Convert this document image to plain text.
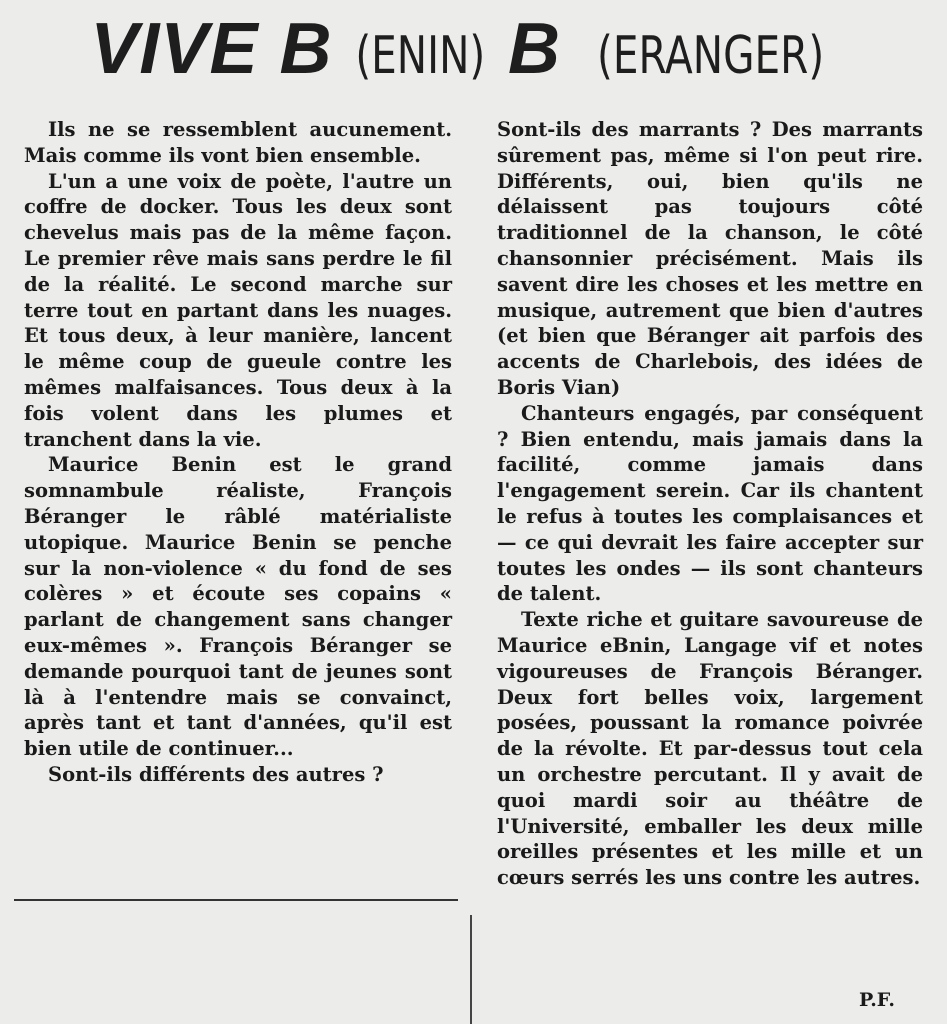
VIVE B (ENIN) B (ERANGER)

Ils ne se ressemblent aucunement. Mais comme ils vont bien ensemble.

L'un a une voix de poète, l'autre un coffre de docker. Tous les deux sont chevelus mais pas de la même façon. Le premier rêve mais sans perdre le fil de la réalité. Le second marche sur terre tout en partant dans les nuages. Et tous deux, à leur manière, lancent le même coup de gueule contre les mêmes malfaisances. Tous deux à la fois volent dans les plumes et tranchent dans la vie.

Maurice Benin est le grand somnambule réaliste, François Béranger le râblé matérialiste utopique. Maurice Benin se penche sur la non-violence « du fond de ses colères » et écoute ses copains « parlant de changement sans changer eux-mêmes ». François Béranger se demande pourquoi tant de jeunes sont là à l'entendre mais se convainct, après tant et tant d'années, qu'il est bien utile de continuer...

Sont-ils différents des autres ?

Sont-ils des marrants ? Des marrants sûrement pas, même si l'on peut rire. Différents, oui, bien qu'ils ne délaissent pas toujours côté traditionnel de la chanson, le côté chansonnier précisément. Mais ils savent dire les choses et les mettre en musique, autrement que bien d'autres (et bien que Béranger ait parfois des accents de Charlebois, des idées de Boris Vian)

Chanteurs engagés, par conséquent ? Bien entendu, mais jamais dans la facilité, comme jamais dans l'engagement serein. Car ils chantent le refus à toutes les complaisances et — ce qui devrait les faire accepter sur toutes les ondes — ils sont chanteurs de talent.

Texte riche et guitare savoureuse de Maurice eBnin, Langage vif et notes vigoureuses de François Béranger. Deux fort belles voix, largement posées, poussant la romance poivrée de la révolte. Et par-dessus tout cela un orchestre percutant. Il y avait de quoi mardi soir au théâtre de l'Université, emballer les deux mille oreilles présentes et les mille et un cœurs serrés les uns contre les autres.

P.F.
